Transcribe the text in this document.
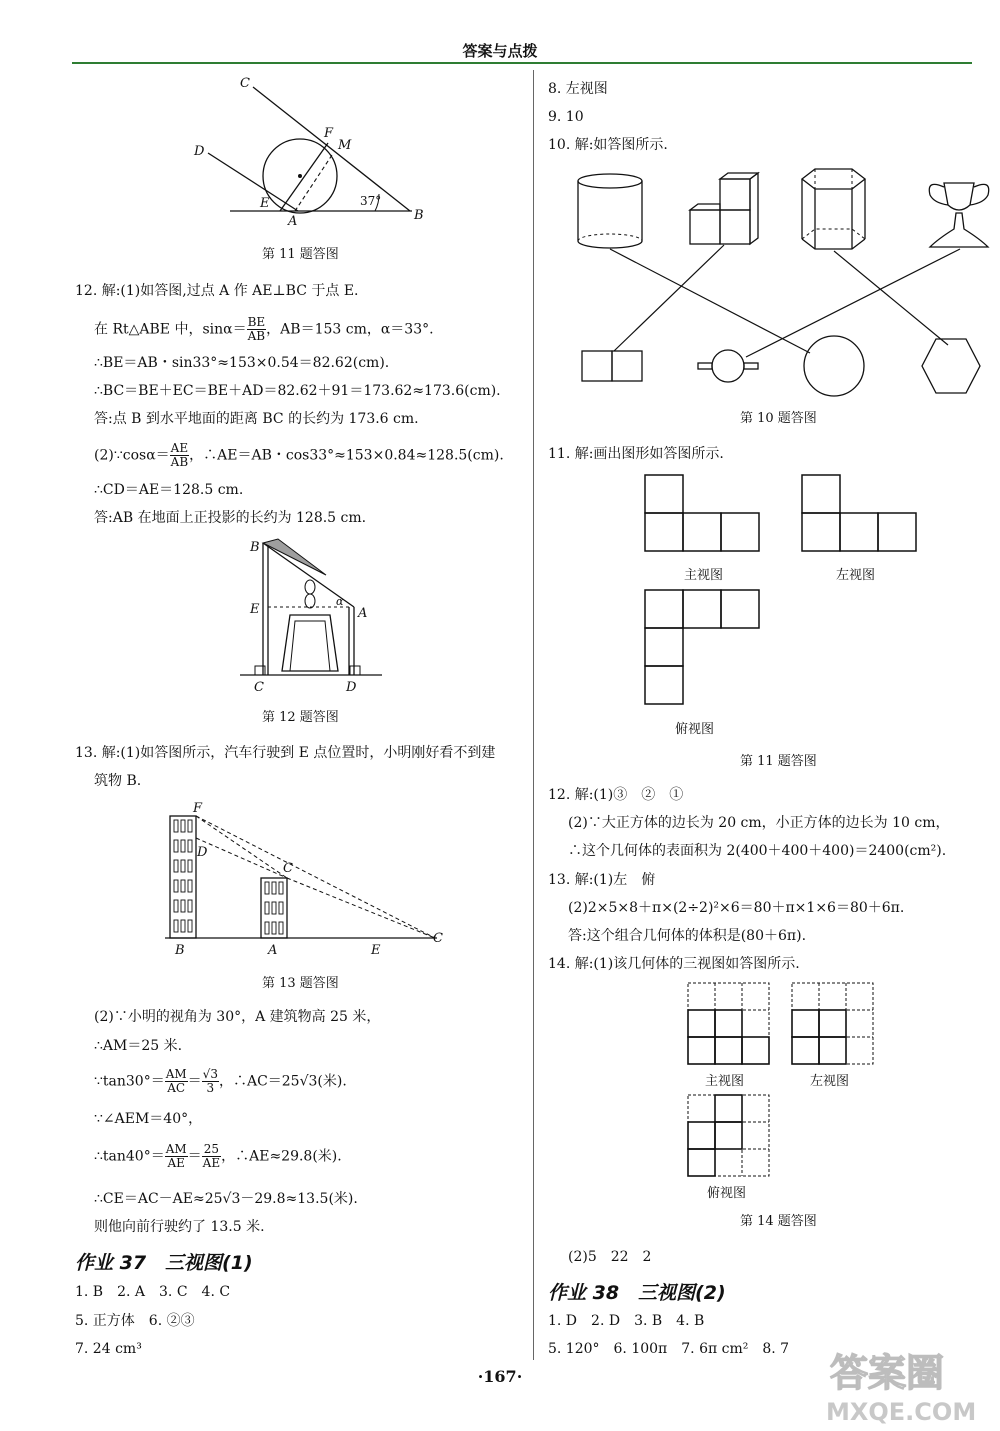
答案与点拨
C
D
F
M
E
A	B
37°
第 11 题答图
12. 解:(1)如答图,过点 A 作 AE⊥BC 于点 E.
在 Rt△ABE 中，$\sin\alpha= \frac{BE}{AB}$ ，AB＝153 cm，α＝33°.
∴BE＝AB・sin33°≈153×0.54＝82.62(cm).
∴BC＝BE＋EC＝BE＋AD＝82.62＋91＝173.62≈173.6(cm).
答:点 B 到水平地面的距离 BC 的长约为 173.6 cm.
(2)∵cosα＝ $\frac{AE}{AB}$ ，∴AE＝AB・cos33°≈153×0.84≈128.5(cm).
∴CD＝AE＝128.5 cm.
答:AB 在地面上正投影的长约为 128.5 cm.
B
E	A
α
C	D
第 12 题答图
13. 解:(1)如答图所示，汽车行驶到 E 点位置时，小明刚好看不到建
筑物 B.
F
D
C
B	A	E
C
第 13 题答图
(2)∵小明的视角为 30°，A 建筑物高 25 米，
∴AM＝25 米.
∵tan30°＝ $\frac{AM}{AC} = \frac{√3}{3}$ ，∴AC＝25√3(米).
∵∠AEM＝40°，
∴tan40°＝ $\frac{AM}{AE} = \frac{25}{AE}$ ，∴AE≈29.8(米).
∴CE＝AC－AE≈25√3－29.8≈13.5(米).
则他向前行驶约了 13.5 米.
作业 37　三视图(1)
1. B　2. A　3. C　4. C
5. 正方体　6. ②③
7. 24 cm³
8. 左视图
9. 10
10. 解:如答图所示.
第 10 题答图
11. 解:画出图形如答图所示.
主视图	左视图
俯视图
第 11 题答图
12. 解:(1)③　②　①
(2)∵大正方体的边长为 20 cm，小正方体的边长为 10 cm，
∴这个几何体的表面积为 2(400＋400＋400)＝2400(cm²).
13. 解:(1)左　俯
(2)2×5×8＋π×(2÷2)²×6＝80＋π×1×6＝80＋6π.
答:这个组合几何体的体积是(80＋6π).
14. 解:(1)该几何体的三视图如答图所示.
主视图	左视图
俯视图
第 14 题答图
(2)5　22　2
作业 38　三视图(2)
1. D　2. D　3. B　4. B
5. 120°　6. 100π　7. 6π cm²　8. 7
·167·	答案圈
MXQE.COM
